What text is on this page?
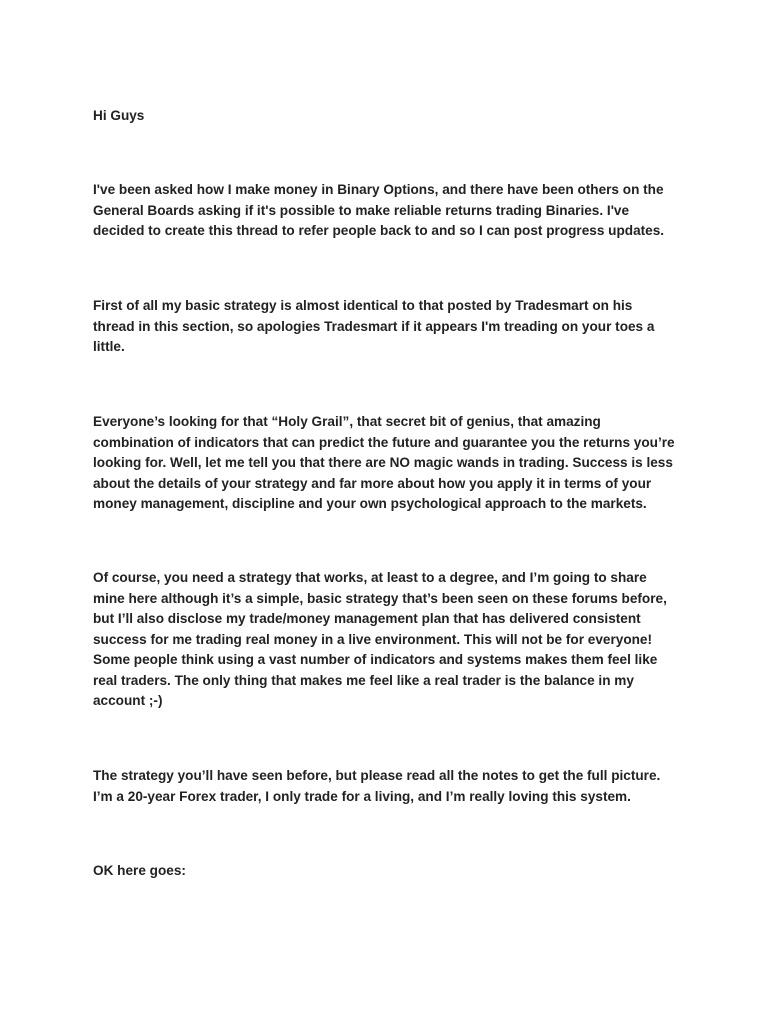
Hi Guys

I've been asked how I make money in Binary Options, and there have been others on the
General Boards asking if it's possible to make reliable returns trading Binaries. I've
decided to create this thread to refer people back to and so I can post progress updates.

First of all my basic strategy is almost identical to that posted by Tradesmart on his
thread in this section, so apologies Tradesmart if it appears I'm treading on your toes a
little.

Everyone’s looking for that “Holy Grail”, that secret bit of genius, that amazing
combination of indicators that can predict the future and guarantee you the returns you’re
looking for. Well, let me tell you that there are NO magic wands in trading. Success is less
about the details of your strategy and far more about how you apply it in terms of your
money management, discipline and your own psychological approach to the markets.

Of course, you need a strategy that works, at least to a degree, and I’m going to share
mine here although it’s a simple, basic strategy that’s been seen on these forums before,
but I’ll also disclose my trade/money management plan that has delivered consistent
success for me trading real money in a live environment. This will not be for everyone!
Some people think using a vast number of indicators and systems makes them feel like
real traders. The only thing that makes me feel like a real trader is the balance in my
account ;-)

The strategy you’ll have seen before, but please read all the notes to get the full picture.
I’m a 20-year Forex trader, I only trade for a living, and I’m really loving this system.

OK here goes:
